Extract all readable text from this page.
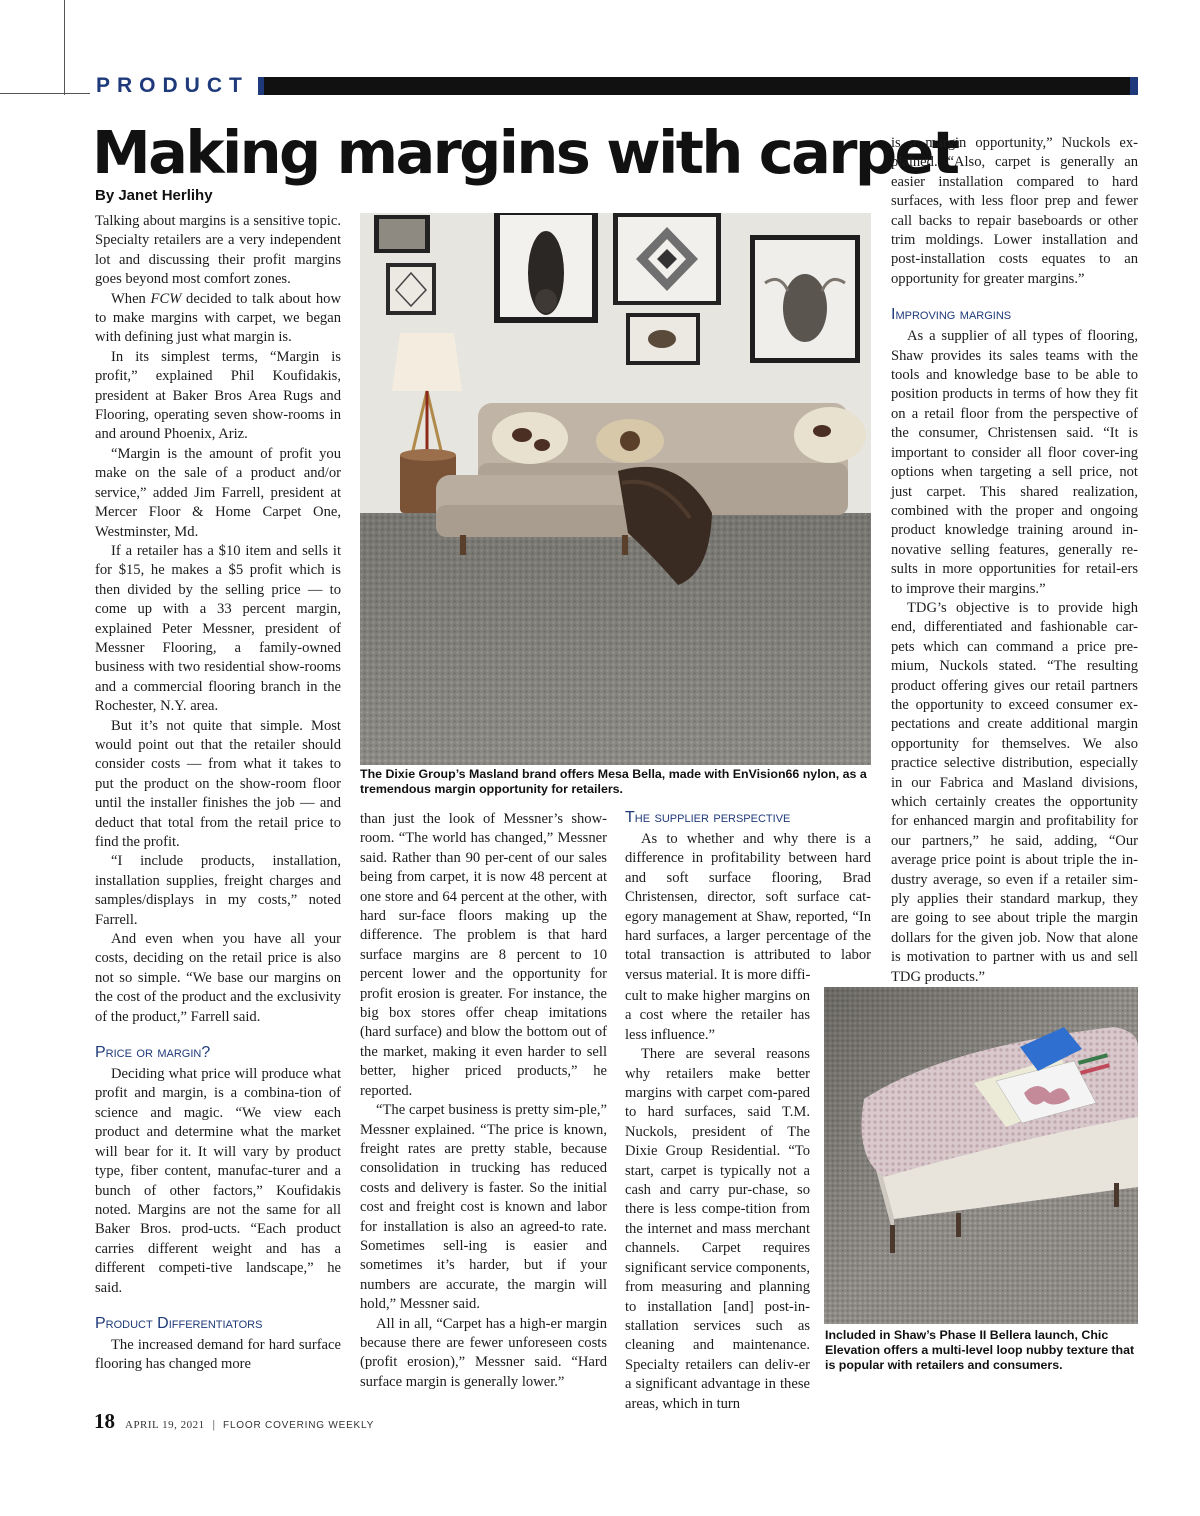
PRODUCT
Making margins with carpet
By Janet Herlihy

Talking about margins is a sensitive topic. Specialty retailers are a very independent lot and discussing their profit margins goes beyond most comfort zones.

When FCW decided to talk about how to make margins with carpet, we began with defining just what margin is.

In its simplest terms, “Margin is profit,” explained Phil Koufidakis, president at Baker Bros Area Rugs and Flooring, operating seven show-rooms in and around Phoenix, Ariz.

“Margin is the amount of profit you make on the sale of a product and/or service,” added Jim Farrell, president at Mercer Floor & Home Carpet One, Westminster, Md.

If a retailer has a $10 item and sells it for $15, he makes a $5 profit which is then divided by the selling price — to come up with a 33 percent margin, explained Peter Messner, president of Messner Flooring, a family-owned business with two residential show-rooms and a commercial flooring branch in the Rochester, N.Y. area.

But it’s not quite that simple. Most would point out that the retailer should consider costs — from what it takes to put the product on the show-room floor until the installer finishes the job — and deduct that total from the retail price to find the profit.

“I include products, installation, installation supplies, freight charges and samples/displays in my costs,” noted Farrell.

And even when you have all your costs, deciding on the retail price is also not so simple. “We base our margins on the cost of the product and the exclusivity of the product,” Farrell said.

Price or margin?

Deciding what price will produce what profit and margin, is a combina-tion of science and magic. “We view each product and determine what the market will bear for it. It will vary by product type, fiber content, manufac-turer and a bunch of other factors,” Koufidakis noted. Margins are not the same for all Baker Bros. prod-ucts. “Each product carries different weight and has a different competi-tive landscape,” he said.

Product Differentiators

The increased demand for hard surface flooring has changed more

The Dixie Group’s Masland brand offers Mesa Bella, made with EnVision66 nylon, as a tremendous margin opportunity for retailers.

than just the look of Messner’s show-room. “The world has changed,” Messner said. Rather than 90 per-cent of our sales being from carpet, it is now 48 percent at one store and 64 percent at the other, with hard sur-face floors making up the difference. The problem is that hard surface margins are 8 percent to 10 percent lower and the opportunity for profit erosion is greater. For instance, the big box stores offer cheap imitations (hard surface) and blow the bottom out of the market, making it even harder to sell better, higher priced products,” he reported.

“The carpet business is pretty sim-ple,” Messner explained. “The price is known, freight rates are pretty stable, because consolidation in trucking has reduced costs and delivery is faster. So the initial cost and freight cost is known and labor for installation is also an agreed-to rate. Sometimes sell-ing is easier and sometimes it’s harder, but if your numbers are accurate, the margin will hold,” Messner said.

All in all, “Carpet has a high-er margin because there are fewer unforeseen costs (profit erosion),” Messner said. “Hard surface margin is generally lower.”

The supplier perspective

As to whether and why there is a difference in profitability between hard and soft surface flooring, Brad Christensen, director, soft surface cat-egory management at Shaw, reported, “In hard surfaces, a larger percentage of the total transaction is attributed to labor versus material. It is more diffi-

cult to make higher margins on a cost where the retailer has less influence.”

There are several reasons why retailers make better margins with carpet com-pared to hard surfaces, said T.M. Nuckols, president of The Dixie Group Residential. “To start, carpet is typically not a cash and carry pur-chase, so there is less compe-tition from the internet and mass merchant channels. Carpet requires significant service components, from measuring and planning to installation [and] post-in-stallation services such as cleaning and maintenance. Specialty retailers can deliv-er a significant advantage in these areas, which in turn

Included in Shaw’s Phase II Bellera launch, Chic Elevation offers a multi-level loop nubby texture that is popular with retailers and consumers.

is a margin opportunity,” Nuckols ex-plained. “Also, carpet is generally an easier installation compared to hard surfaces, with less floor prep and fewer call backs to repair baseboards or other trim moldings. Lower installation and post-installation costs equates to an opportunity for greater margins.”

Improving margins

As a supplier of all types of flooring, Shaw provides its sales teams with the tools and knowledge base to be able to position products in terms of how they fit on a retail floor from the perspective of the consumer, Christensen said. “It is important to consider all floor cover-ing options when targeting a sell price, not just carpet. This shared realization, combined with the proper and ongoing product knowledge training around in-novative selling features, generally re-sults in more opportunities for retail-ers to improve their margins.”

TDG’s objective is to provide high end, differentiated and fashionable car-pets which can command a price pre-mium, Nuckols stated. “The resulting product offering gives our retail partners the opportunity to exceed consumer ex-pectations and create additional margin opportunity for themselves. We also practice selective distribution, especially in our Fabrica and Masland divisions, which certainly creates the opportunity for enhanced margin and profitability for our partners,” he said, adding, “Our average price point is about triple the in-dustry average, so even if a retailer sim-ply applies their standard markup, they are going to see about triple the margin dollars for the given job. Now that alone is motivation to partner with us and sell TDG products.”

18 APRIL 19, 2021 | FLOOR COVERING WEEKLY
